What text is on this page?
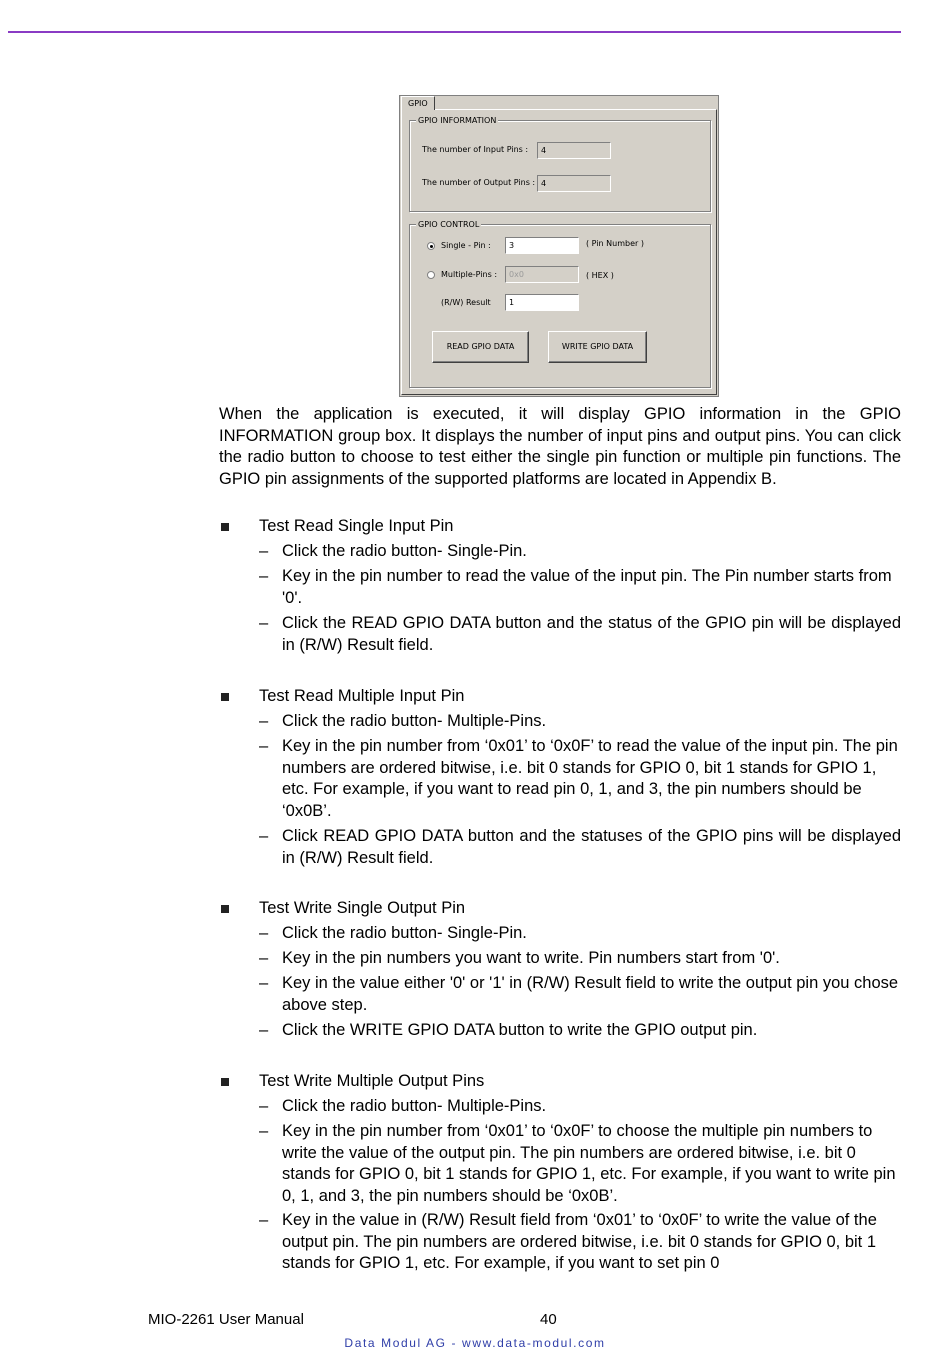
GPIO INFORMATION
The number of Input Pins :	4
The number of Output Pins : 4
GPIO CONTROL
Single - Pin :	3	( Pin Number )
Multiple-Pins :	0x0	( HEX )
(R/W) Result	1
READ GPIO DATA	WRITE GPIO DATA
GPIO

When the application is executed, it will display GPIO information in the GPIO INFORMATION group box. It displays the number of input pins and output pins. You can click the radio button to choose to test either the single pin function or multiple pin functions. The GPIO pin assignments of the supported platforms are located in Appendix B.

Test Read Single Input Pin
– Click the radio button- Single-Pin.
– Key in the pin number to read the value of the input pin. The Pin number starts from '0'.
– Click the READ GPIO DATA button and the status of the GPIO pin will be displayed in (R/W) Result field.
Test Read Multiple Input Pin
– Click the radio button- Multiple-Pins.
– Key in the pin number from ‘0x01’ to ‘0x0F’ to read the value of the input pin. The pin numbers are ordered bitwise, i.e. bit 0 stands for GPIO 0, bit 1 stands for GPIO 1, etc. For example, if you want to read pin 0, 1, and 3, the pin numbers should be ‘0x0B’.
– Click READ GPIO DATA button and the statuses of the GPIO pins will be displayed in (R/W) Result field.
Test Write Single Output Pin
– Click the radio button- Single-Pin.
– Key in the pin numbers you want to write. Pin numbers start from '0'.
– Key in the value either '0' or '1' in (R/W) Result field to write the output pin you chose above step.
– Click the WRITE GPIO DATA button to write the GPIO output pin.
Test Write Multiple Output Pins
– Click the radio button- Multiple-Pins.
– Key in the pin number from ‘0x01’ to ‘0x0F’ to choose the multiple pin numbers to write the value of the output pin. The pin numbers are ordered bitwise, i.e. bit 0 stands for GPIO 0, bit 1 stands for GPIO 1, etc. For example, if you want to write pin 0, 1, and 3, the pin numbers should be ‘0x0B’.
– Key in the value in (R/W) Result field from ‘0x01’ to ‘0x0F’ to write the value of the output pin. The pin numbers are ordered bitwise, i.e. bit 0 stands for GPIO 0, bit 1 stands for GPIO 1, etc. For example, if you want to set pin 0
MIO-2261 User Manual	40
Data Modul AG - www.data-modul.com
